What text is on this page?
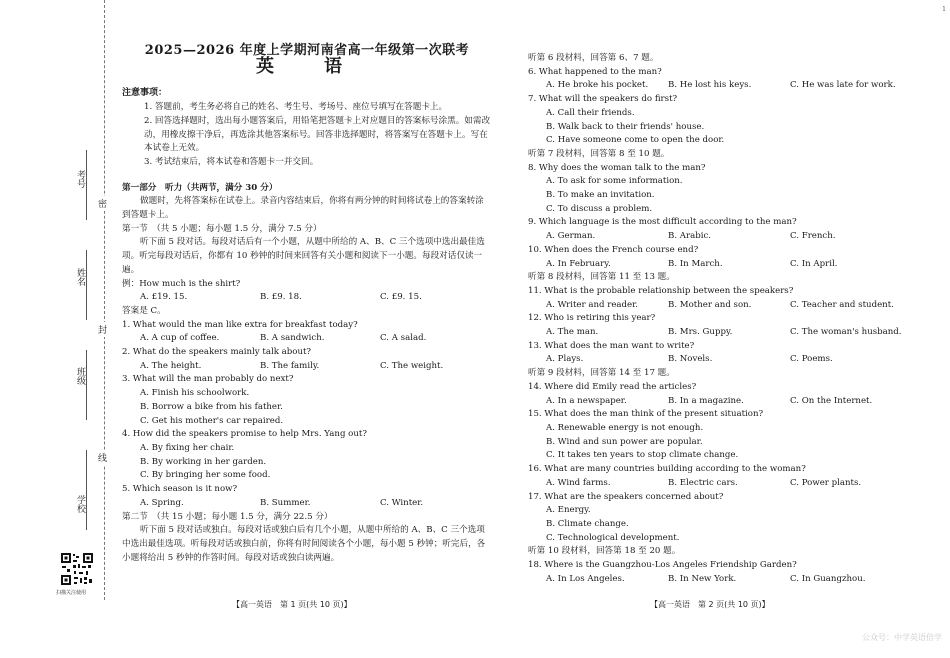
考号
姓名
班级
学校
密
封
线
扫描关注使用
2025—2026 年度上学期河南省高一年级第一次联考
英　语
注意事项：
1. 答题前，考生务必将自己的姓名、考生号、考场号、座位号填写在答题卡上。
2. 回答选择题时，选出每小题答案后，用铅笔把答题卡上对应题目的答案标号涂黑。如需改动，用橡皮擦干净后，再选涂其他答案标号。回答非选择题时，将答案写在答题卡上。写在本试卷上无效。
3. 考试结束后，将本试卷和答题卡一并交回。
第一部分　听力（共两节，满分 30 分）
做题时，先将答案标在试卷上。录音内容结束后，你将有两分钟的时间将试卷上的答案转涂到答题卡上。
第一节　（共 5 小题；每小题 1.5 分，满分 7.5 分）
听下面 5 段对话。每段对话后有一个小题，从题中所给的 A、B、C 三个选项中选出最佳选项。听完每段对话后，你都有 10 秒钟的时间来回答有关小题和阅读下一小题。每段对话仅读一遍。
例：How much is the shirt?
A. £19. 15.	B. £9. 18.	C. £9. 15.
答案是 C。
1. What would the man like extra for breakfast today?
A. A cup of coffee.	B. A sandwich.	C. A salad.
2. What do the speakers mainly talk about?
A. The height.	B. The family.	C. The weight.
3. What will the man probably do next?
A. Finish his schoolwork.
B. Borrow a bike from his father.
C. Get his mother's car repaired.
4. How did the speakers promise to help Mrs. Yang out?
A. By fixing her chair.
B. By working in her garden.
C. By bringing her some food.
5. Which season is it now?
A. Spring.	B. Summer.	C. Winter.
第二节　（共 15 小题；每小题 1.5 分，满分 22.5 分）
听下面 5 段对话或独白。每段对话或独白后有几个小题，从题中所给的 A、B、C 三个选项中选出最佳选项。听每段对话或独白前，你将有时间阅读各个小题，每小题 5 秒钟；听完后，各小题将给出 5 秒钟的作答时间。每段对话或独白读两遍。
听第 6 段材料，回答第 6、7 题。
6. What happened to the man?
A. He broke his pocket.	B. He lost his keys.	C. He was late for work.
7. What will the speakers do first?
A. Call their friends.
B. Walk back to their friends' house.
C. Have someone come to open the door.
听第 7 段材料，回答第 8 至 10 题。
8. Why does the woman talk to the man?
A. To ask for some information.
B. To make an invitation.
C. To discuss a problem.
9. Which language is the most difficult according to the man?
A. German.	B. Arabic.	C. French.
10. When does the French course end?
A. In February.	B. In March.	C. In April.
听第 8 段材料，回答第 11 至 13 题。
11. What is the probable relationship between the speakers?
A. Writer and reader.	B. Mother and son.	C. Teacher and student.
12. Who is retiring this year?
A. The man.	B. Mrs. Guppy.	C. The woman's husband.
13. What does the man want to write?
A. Plays.	B. Novels.	C. Poems.
听第 9 段材料，回答第 14 至 17 题。
14. Where did Emily read the articles?
A. In a newspaper.	B. In a magazine.	C. On the Internet.
15. What does the man think of the present situation?
A. Renewable energy is not enough.
B. Wind and sun power are popular.
C. It takes ten years to stop climate change.
16. What are many countries building according to the woman?
A. Wind farms.	B. Electric cars.	C. Power plants.
17. What are the speakers concerned about?
A. Energy.
B. Climate change.
C. Technological development.
听第 10 段材料，回答第 18 至 20 题。
18. Where is the Guangzhou-Los Angeles Friendship Garden?
A. In Los Angeles.	B. In New York.	C. In Guangzhou.
【高一英语　第 1 页(共 10 页)】	【高一英语　第 2 页(共 10 页)】
公众号：中学英语倍学
1
